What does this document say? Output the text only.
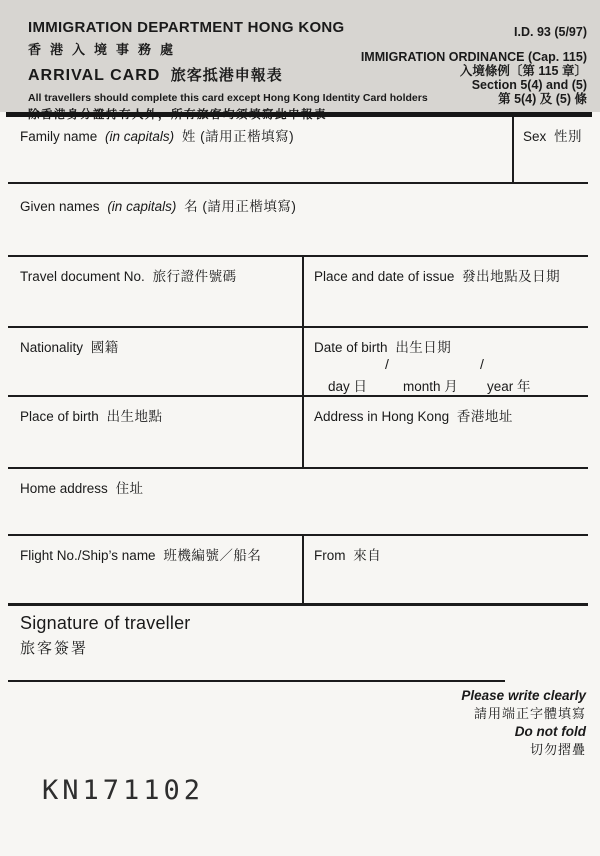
IMMIGRATION DEPARTMENT HONG KONG
香港入境事務處
ARRIVAL CARD 旅客抵港申報表
All travellers should complete this card except Hong Kong Identity Card holders
I.D. 93 (5/97)
IMMIGRATION ORDINANCE (Cap. 115)
入境條例〔第 115 章〕
Section 5(4) and (5)
第 5(4) 及 (5) 條
Family name (in capitals) 姓 (請用正楷填寫)	Sex 性別
Given names (in capitals) 名 (請用正楷填寫)
Travel document No. 旅行證件號碼	Place and date of issue 發出地點及日期
Nationality 國籍	Date of birth 出生日期
/	/
day 日	month 月 year 年
Place of birth 出生地點	Address in Hong Kong 香港地址
Home address 住址
Flight No./Ship’s name 班機編號／船名	From 來自
Signature of traveller
旅客簽署
Please write clearly
請用端正字體填寫
Do not fold
切勿摺疊
KN171102
